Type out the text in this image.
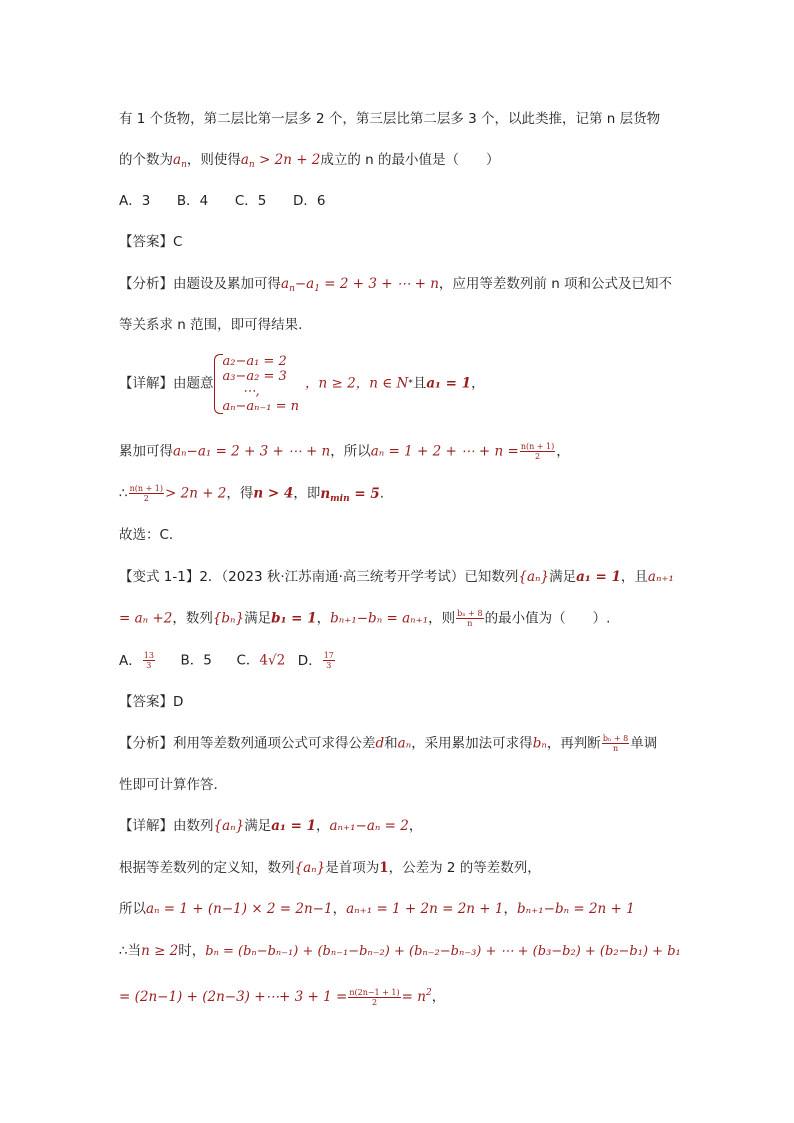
有 1 个货物，第二层比第一层多 2 个，第三层比第二层多 3 个，以此类推，记第 n 层货物
的个数为$a_n$，则使得$a_n > 2n + 2$成立的 n 的最小值是（　　）
A．3 B．4 C．5 D．6
【答案】C
【分析】由题设及累加可得$a_n-a_1 = 2 + 3$ + ⋯ + n，应用等差数列前 n 项和公式及已知不
等关系求 n 范围，即可得结果.
【详解】由题意
a₂−a₁ = 2
a₃−a₂ = 3
⋯,
aₙ−aₙ₋₁ = n
，n ≥ 2，n ∈ N*且a₁ = 1，
累加可得aₙ−a₁ = 2 + 3 + ⋯ + n，所以aₙ = 1 + 2 + ⋯ + $n = \frac{n(n + 1)}{2}$ ，
∴ $\frac{n(n + 1)}{2} > 2n + 2$，得n > 4，即$n_{min} = 5$.
故选：C．
【变式 1-1】2．（2023 秋·江苏南通·高三统考开学考试）已知数列{aₙ}满足a₁ = 1，且aₙ₊₁
= aₙ +2，数列{bₙ}满足b₁ = 1，bₙ₊₁−bₙ = aₙ₊₁，则 $\frac{\text{bₙ + 8}}{n}$ 的最小值为（　　）.
A． $\frac{13}{3}$ B．5 C．4√2 D． $\frac{17}{3}$
【答案】D
【分析】利用等差数列通项公式可求得公差d和aₙ，采用累加法可求得bₙ，再判断 $\frac{\text{bₙ + 8}}{n}$ 单调
性即可计算作答.
【详解】由数列{aₙ}满足a₁ = 1，aₙ₊₁−aₙ = 2，
根据等差数列的定义知，数列{aₙ}是首项为1，公差为 2 的等差数列，
所以aₙ = 1 + (n−1) × 2 = 2n−1，aₙ₊₁ = 1 + 2n = 2n + 1，bₙ₊₁−bₙ = 2n + 1
∴当n ≥ 2时，bₙ = (bₙ−bₙ₋₁) + (bₙ₋₁−bₙ₋₂) + (bₙ₋₂−bₙ₋₃) + ⋯ + (b₃−b₂) + (b₂−b₁) + b₁
= (2n−1) + (2n−3) +⋯+ $3 + 1 = \frac{n(2n-1 + 1)}{2} = n^2$，
